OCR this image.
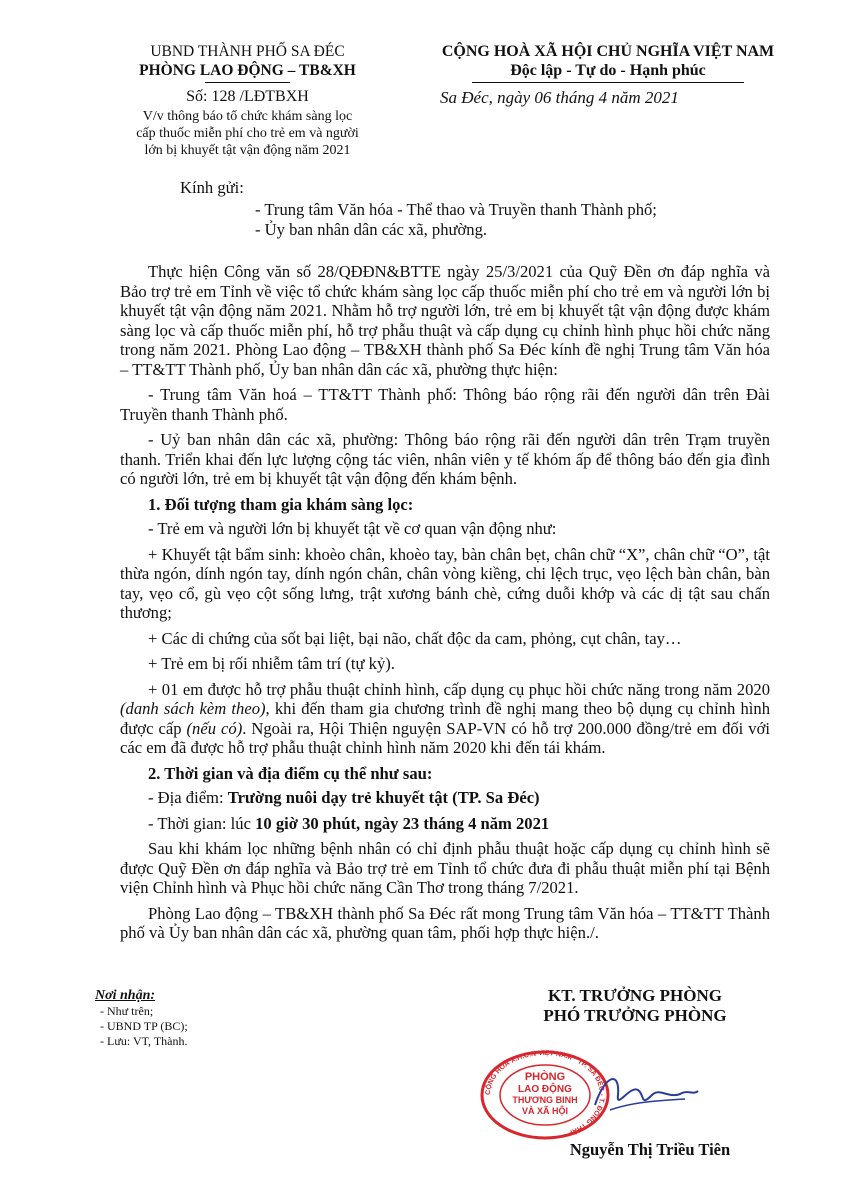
UBND THÀNH PHỐ SA ĐÉC
PHÒNG LAO ĐỘNG – TB&XH
CỘNG HOÀ XÃ HỘI CHỦ NGHĨA VIỆT NAM
Độc lập - Tự do - Hạnh phúc
Số: 128 /LĐTBXH	Sa Đéc, ngày 06 tháng 4 năm 2021
V/v thông báo tổ chức khám sàng lọc
cấp thuốc miễn phí cho trẻ em và người
lớn bị khuyết tật vận động năm 2021
Kính gửi:
- Trung tâm Văn hóa - Thể thao và Truyền thanh Thành phố;
- Ủy ban nhân dân các xã, phường.

Thực hiện Công văn số 28/QĐĐN&BTTE ngày 25/3/2021 của Quỹ Đền ơn đáp nghĩa và Bảo trợ trẻ em Tỉnh về việc tổ chức khám sàng lọc cấp thuốc miễn phí cho trẻ em và người lớn bị khuyết tật vận động năm 2021. Nhằm hỗ trợ người lớn, trẻ em bị khuyết tật vận động được khám sàng lọc và cấp thuốc miễn phí, hỗ trợ phẫu thuật và cấp dụng cụ chỉnh hình phục hồi chức năng trong năm 2021. Phòng Lao động – TB&XH thành phố Sa Đéc kính đề nghị Trung tâm Văn hóa – TT&TT Thành phố, Ủy ban nhân dân các xã, phường thực hiện:

- Trung tâm Văn hoá – TT&TT Thành phố: Thông báo rộng rãi đến người dân trên Đài Truyền thanh Thành phố.

- Uỷ ban nhân dân các xã, phường: Thông báo rộng rãi đến người dân trên Trạm truyền thanh. Triển khai đến lực lượng cộng tác viên, nhân viên y tế khóm ấp để thông báo đến gia đình có người lớn, trẻ em bị khuyết tật vận động đến khám bệnh.

1. Đối tượng tham gia khám sàng lọc:

- Trẻ em và người lớn bị khuyết tật về cơ quan vận động như:

+ Khuyết tật bẩm sinh: khoèo chân, khoèo tay, bàn chân bẹt, chân chữ “X”, chân chữ “O”, tật thừa ngón, dính ngón tay, dính ngón chân, chân vòng kiềng, chi lệch trục, vẹo lệch bàn chân, bàn tay, vẹo cổ, gù vẹo cột sống lưng, trật xương bánh chè, cứng duỗi khớp và các dị tật sau chấn thương;

+ Các di chứng của sốt bại liệt, bại não, chất độc da cam, phỏng, cụt chân, tay…

+ Trẻ em bị rối nhiễm tâm trí (tự kỷ).

+ 01 em được hỗ trợ phẫu thuật chỉnh hình, cấp dụng cụ phục hồi chức năng trong năm 2020 (danh sách kèm theo), khi đến tham gia chương trình đề nghị mang theo bộ dụng cụ chỉnh hình được cấp (nếu có). Ngoài ra, Hội Thiện nguyện SAP-VN có hỗ trợ 200.000 đồng/trẻ em đối với các em đã được hỗ trợ phẫu thuật chỉnh hình năm 2020 khi đến tái khám.

2. Thời gian và địa điểm cụ thể như sau:

- Địa điểm: Trường nuôi dạy trẻ khuyết tật (TP. Sa Đéc)

- Thời gian: lúc 10 giờ 30 phút, ngày 23 tháng 4 năm 2021

Sau khi khám lọc những bệnh nhân có chỉ định phẫu thuật hoặc cấp dụng cụ chỉnh hình sẽ được Quỹ Đền ơn đáp nghĩa và Bảo trợ trẻ em Tỉnh tổ chức đưa đi phẫu thuật miễn phí tại Bệnh viện Chỉnh hình và Phục hồi chức năng Cần Thơ trong tháng 7/2021.

Phòng Lao động – TB&XH thành phố Sa Đéc rất mong Trung tâm Văn hóa – TT&TT Thành phố và Ủy ban nhân dân các xã, phường quan tâm, phối hợp thực hiện./.

Nơi nhận:
- Như trên;
- UBND TP (BC);
- Lưu: VT, Thành.
KT. TRƯỞNG PHÒNG
PHÓ TRƯỞNG PHÒNG
CỘNG HOÀ X.H.C.N VIỆT NAM * TP. SA ĐÉC - T. ĐỒNG THÁP
PHÒNG
LAO ĐỘNG
THƯƠNG BINH
VÀ XÃ HỘI
Nguyễn Thị Triều Tiên
